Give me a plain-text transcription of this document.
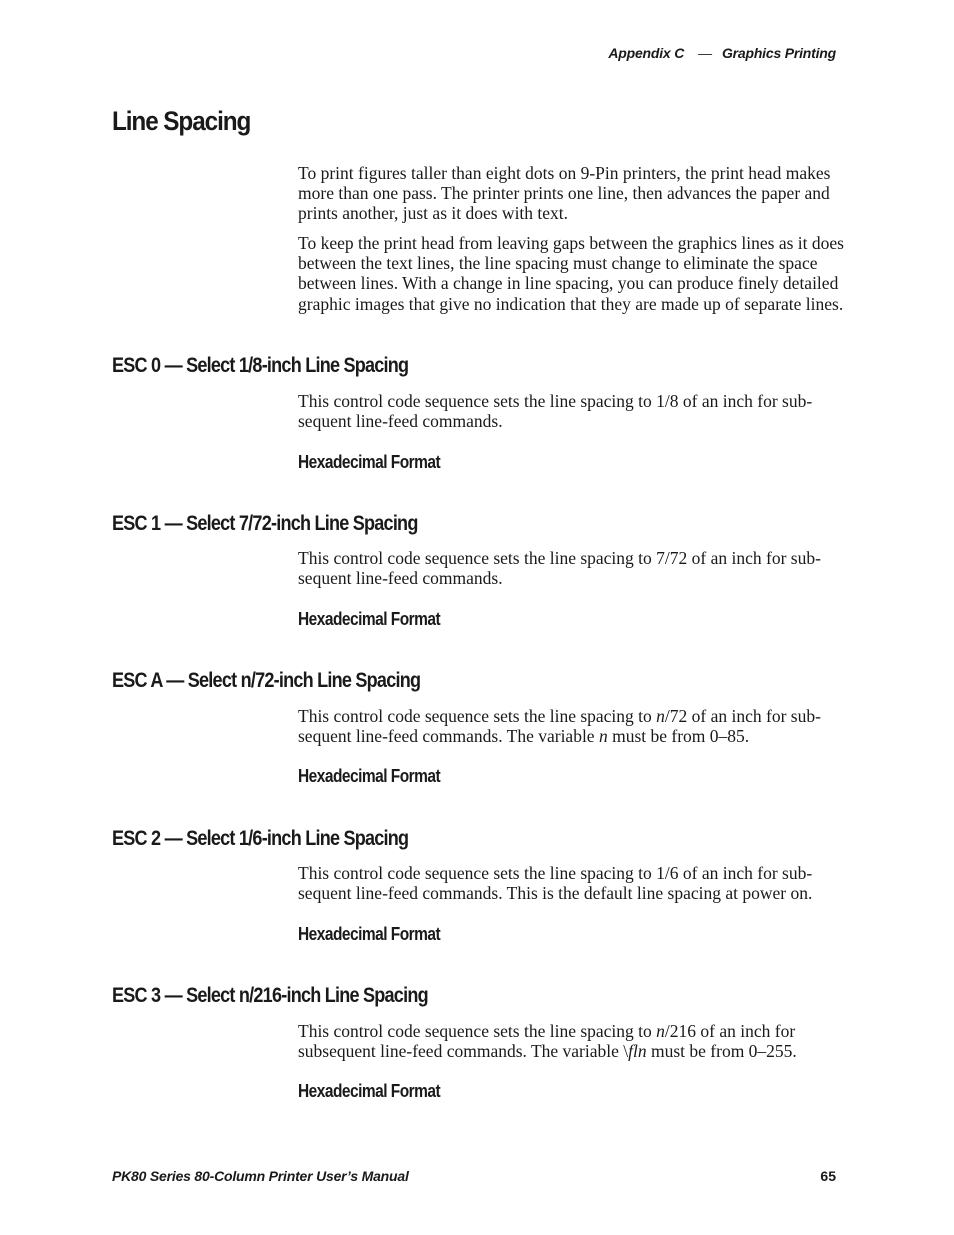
Appendix C — Graphics Printing
Line Spacing

To print figures taller than eight dots on 9-Pin printers, the print head makes more than one pass. The printer prints one line, then advances the paper and prints another, just as it does with text.

To keep the print head from leaving gaps between the graphics lines as it does between the text lines, the line spacing must change to eliminate the space between lines. With a change in line spacing, you can produce finely detailed graphic images that give no indication that they are made up of separate lines.

ESC 0 — Select 1/8-inch Line Spacing

This control code sequence sets the line spacing to 1/8 of an inch for sub-sequent line-feed commands.

Hexadecimal Format
ESC 1 — Select 7/72-inch Line Spacing

This control code sequence sets the line spacing to 7/72 of an inch for sub-sequent line-feed commands.

Hexadecimal Format
ESC A — Select n/72-inch Line Spacing

This control code sequence sets the line spacing to n/72 of an inch for sub-sequent line-feed commands. The variable n must be from 0–85.

Hexadecimal Format
ESC 2 — Select 1/6-inch Line Spacing

This control code sequence sets the line spacing to 1/6 of an inch for sub-sequent line-feed commands. This is the default line spacing at power on.

Hexadecimal Format
ESC 3 — Select n/216-inch Line Spacing

This control code sequence sets the line spacing to n/216 of an inch for subsequent line-feed commands. The variable \fln must be from 0–255.

Hexadecimal Format
PK80 Series 80-Column Printer User’s Manual	65
